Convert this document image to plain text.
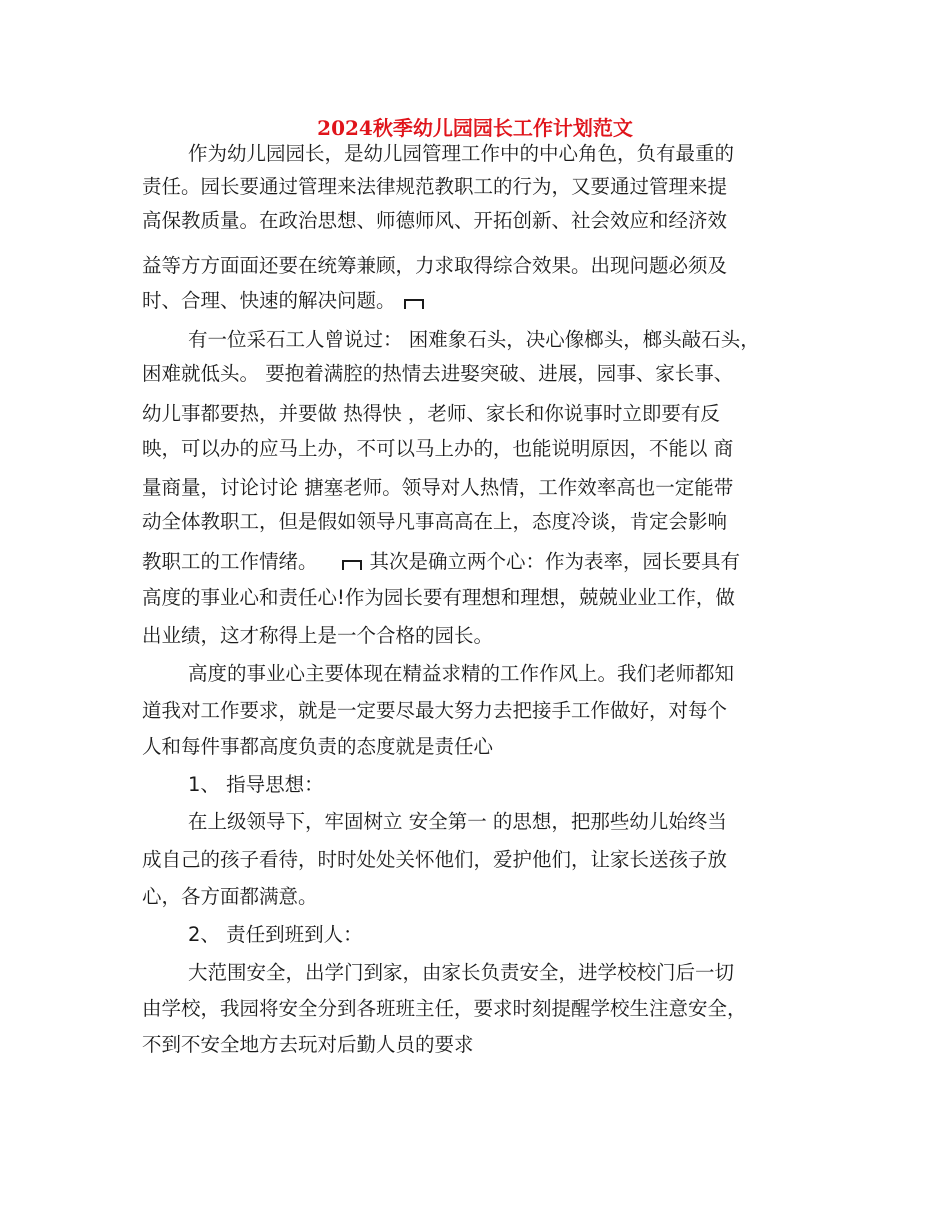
2024秋季幼儿园园长工作计划范文
作为幼儿园园长，是幼儿园管理工作中的中心角色，负有最重的
责任。园长要通过管理来法律规范教职工的行为，又要通过管理来提
高保教质量。在政治思想、师德师风、开拓创新、社会效应和经济效
益等方方面面还要在统筹兼顾，力求取得综合效果。出现问题必须及
时、合理、快速的解决问题。
有一位采石工人曾说过： 困难象石头，决心像榔头，榔头敲石头，
困难就低头。 要抱着满腔的热情去进娶突破、进展，园事、家长事、
幼儿事都要热，并要做 热得快 ，老师、家长和你说事时立即要有反
映，可以办的应马上办，不可以马上办的，也能说明原因，不能以 商
量商量，讨论讨论 搪塞老师。领导对人热情，工作效率高也一定能带
动全体教职工，但是假如领导凡事高高在上，态度冷谈，肯定会影响
教职工的工作情绪。	其次是确立两个心：作为表率，园长要具有
高度的事业心和责任心!作为园长要有理想和理想，兢兢业业工作，做
出业绩，这才称得上是一个合格的园长。
高度的事业心主要体现在精益求精的工作作风上。我们老师都知
道我对工作要求，就是一定要尽最大努力去把接手工作做好，对每个
人和每件事都高度负责的态度就是责任心
1、 指导思想：
在上级领导下，牢固树立 安全第一 的思想，把那些幼儿始终当
成自己的孩子看待，时时处处关怀他们，爱护他们，让家长送孩子放
心，各方面都满意。
2、 责任到班到人：
大范围安全，出学门到家，由家长负责安全，进学校校门后一切
由学校，我园将安全分到各班班主任，要求时刻提醒学校生注意安全，
不到不安全地方去玩对后勤人员的要求
